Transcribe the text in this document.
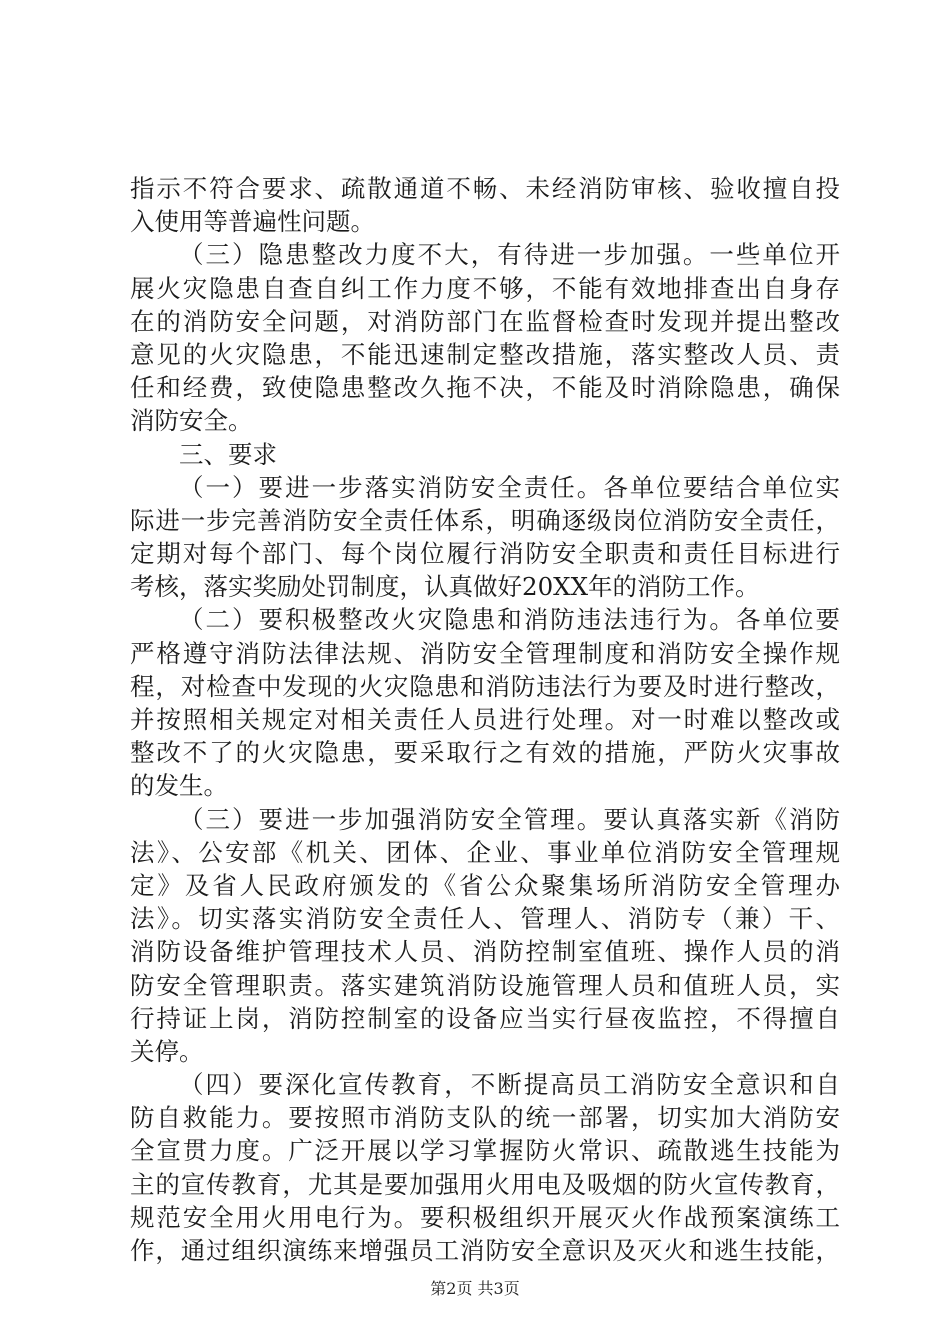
指示不符合要求、疏散通道不畅、未经消防审核、验收擅自投
入使用等普遍性问题。
（三）隐患整改力度不大，有待进一步加强。一些单位开
展火灾隐患自查自纠工作力度不够，不能有效地排查出自身存
在的消防安全问题，对消防部门在监督检查时发现并提出整改
意见的火灾隐患，不能迅速制定整改措施，落实整改人员、责
任和经费，致使隐患整改久拖不决，不能及时消除隐患，确保
消防安全。
三、要求
（一）要进一步落实消防安全责任。各单位要结合单位实
际进一步完善消防安全责任体系，明确逐级岗位消防安全责任，
定期对每个部门、每个岗位履行消防安全职责和责任目标进行
考核，落实奖励处罚制度，认真做好20XX年的消防工作。
（二）要积极整改火灾隐患和消防违法违行为。各单位要
严格遵守消防法律法规、消防安全管理制度和消防安全操作规
程，对检查中发现的火灾隐患和消防违法行为要及时进行整改，
并按照相关规定对相关责任人员进行处理。对一时难以整改或
整改不了的火灾隐患，要采取行之有效的措施，严防火灾事故
的发生。
（三）要进一步加强消防安全管理。要认真落实新《消防
法》、公安部《机关、团体、企业、事业单位消防安全管理规
定》及省人民政府颁发的《省公众聚集场所消防安全管理办
法》。切实落实消防安全责任人、管理人、消防专（兼）干、
消防设备维护管理技术人员、消防控制室值班、操作人员的消
防安全管理职责。落实建筑消防设施管理人员和值班人员，实
行持证上岗，消防控制室的设备应当实行昼夜监控，不得擅自
关停。
（四）要深化宣传教育，不断提高员工消防安全意识和自
防自救能力。要按照市消防支队的统一部署，切实加大消防安
全宣贯力度。广泛开展以学习掌握防火常识、疏散逃生技能为
主的宣传教育，尤其是要加强用火用电及吸烟的防火宣传教育，
规范安全用火用电行为。要积极组织开展灭火作战预案演练工
作，通过组织演练来增强员工消防安全意识及灭火和逃生技能，
第2页 共3页
